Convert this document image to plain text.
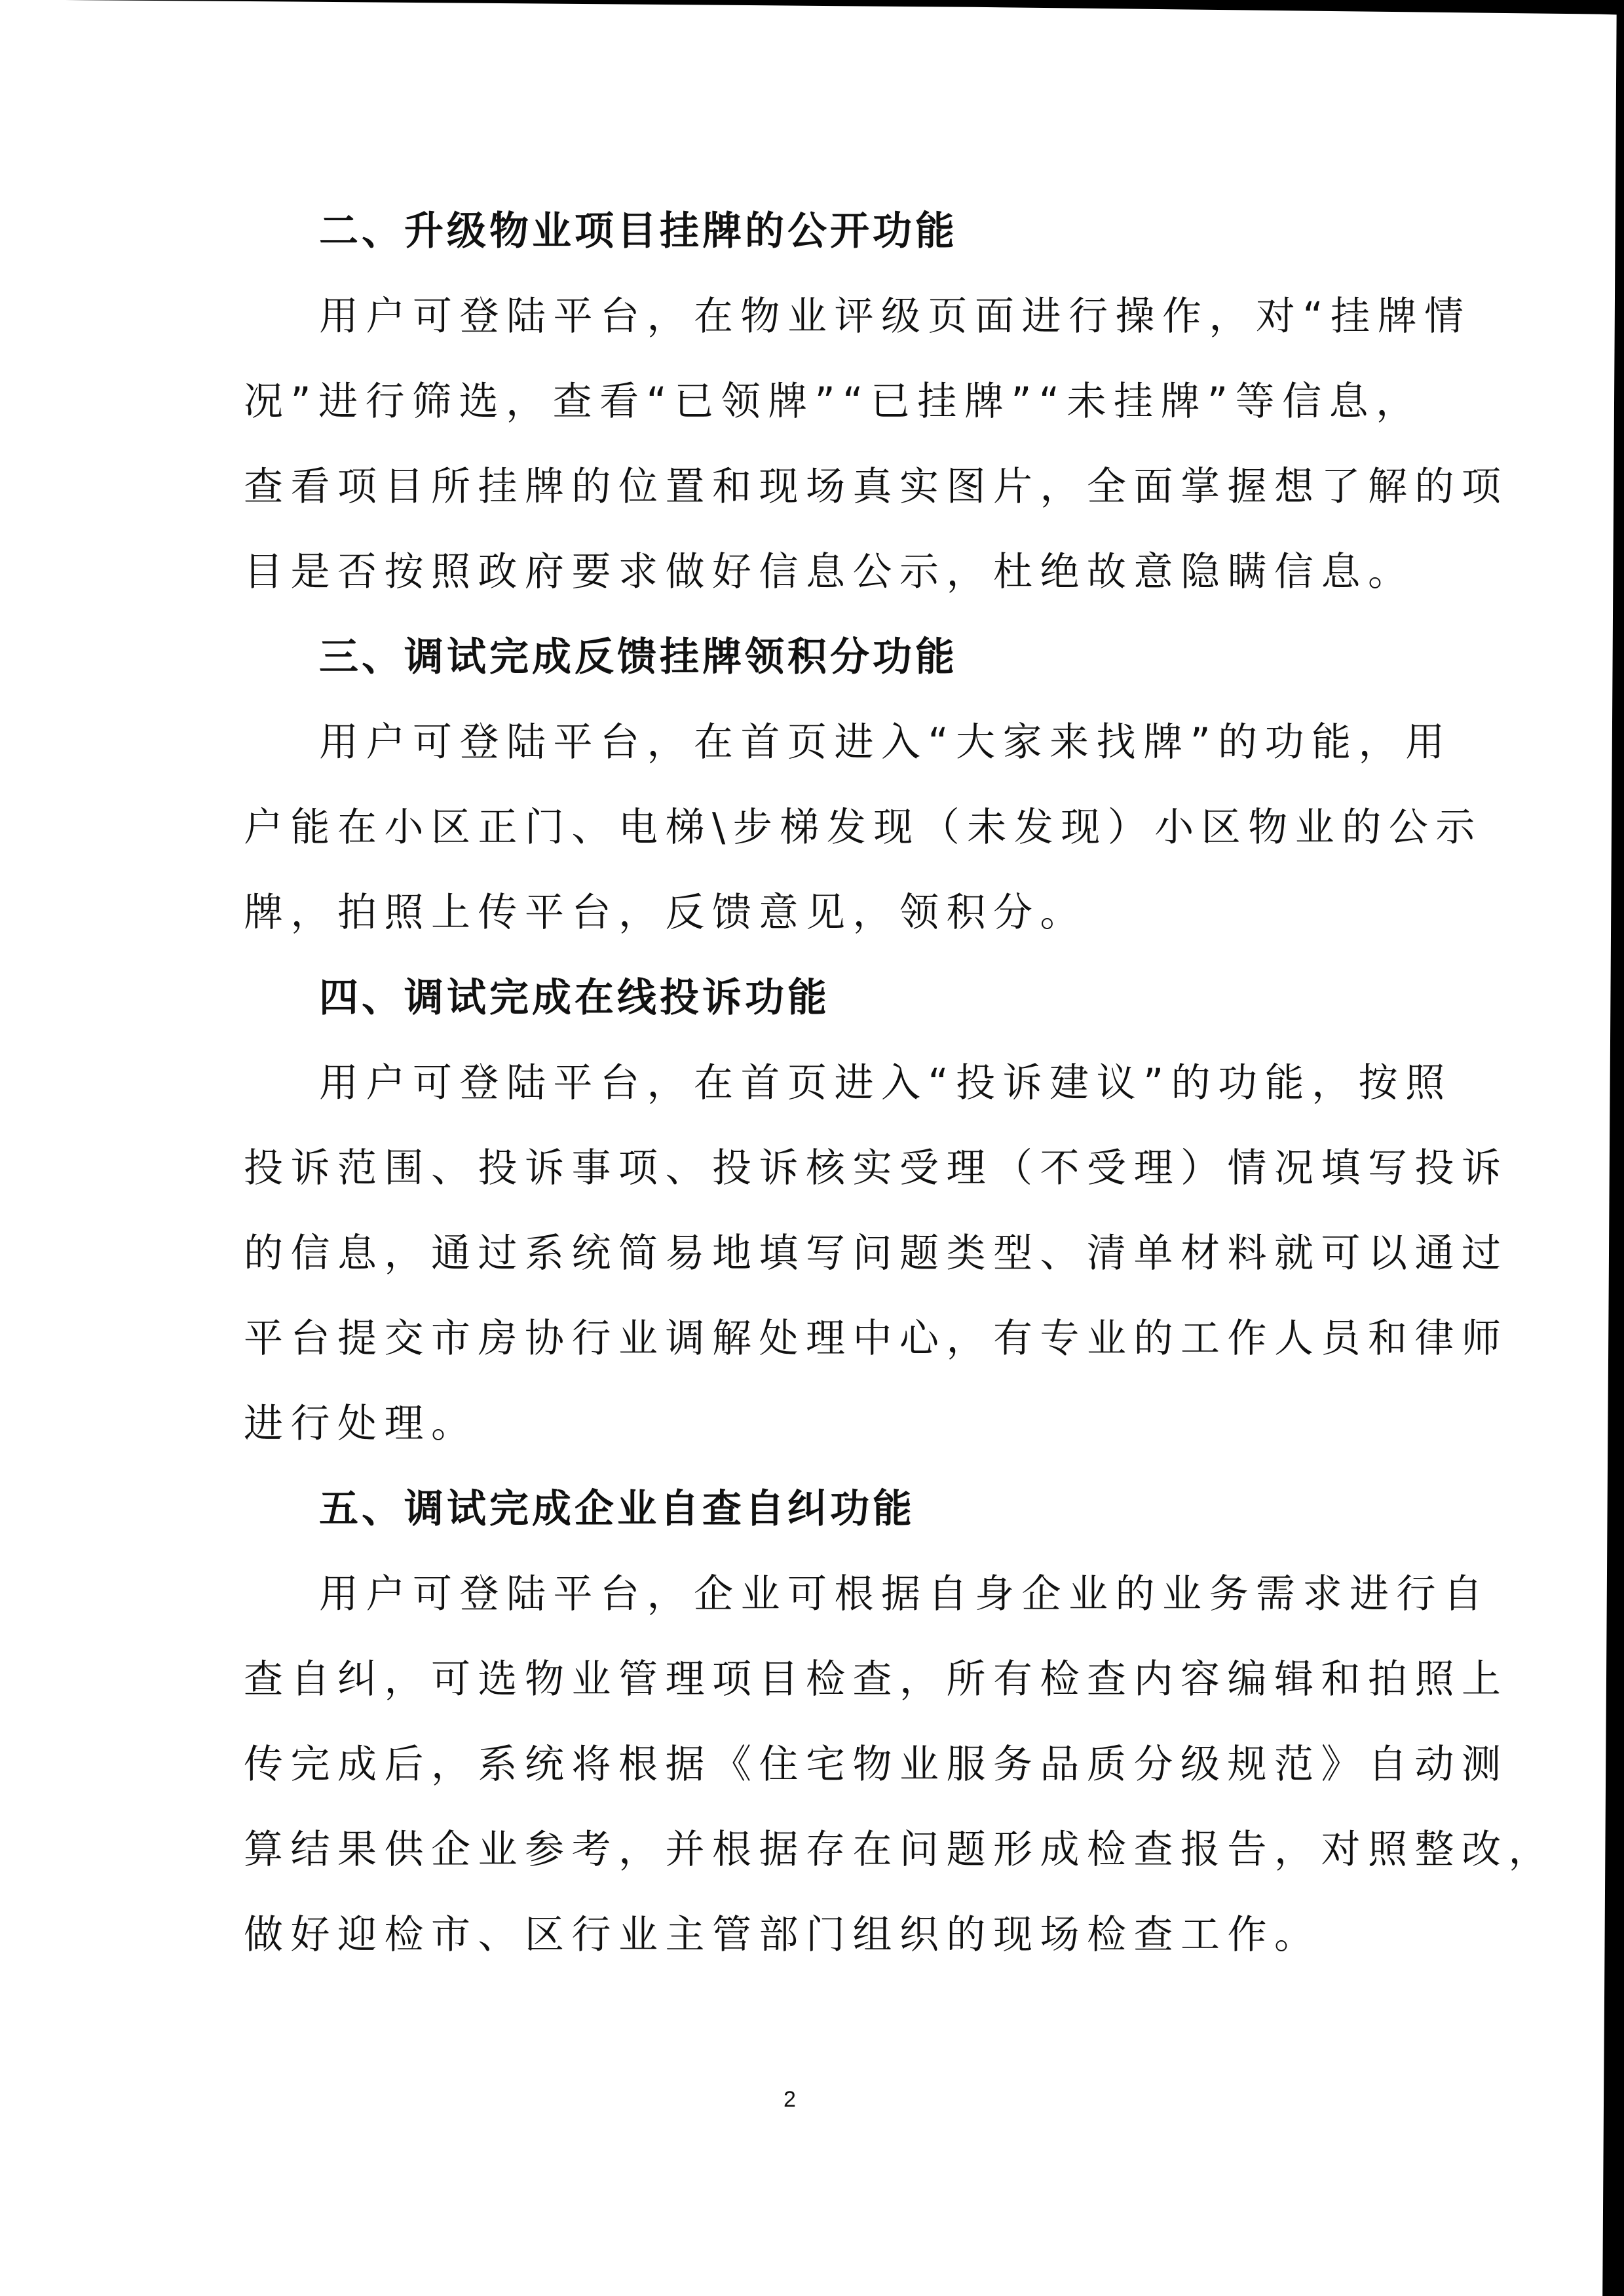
二、升级物业项目挂牌的公开功能
用户可登陆平台，在物业评级页面进行操作，对“挂牌情
况”进行筛选，查看“已领牌”“已挂牌”“未挂牌”等信息，
查看项目所挂牌的位置和现场真实图片，全面掌握想了解的项
目是否按照政府要求做好信息公示，杜绝故意隐瞒信息。
三、调试完成反馈挂牌领积分功能
用户可登陆平台，在首页进入“大家来找牌”的功能，用
户能在小区正门、电梯\步梯发现（未发现）小区物业的公示
牌，拍照上传平台，反馈意见，领积分。
四、调试完成在线投诉功能
用户可登陆平台，在首页进入“投诉建议”的功能，按照
投诉范围、投诉事项、投诉核实受理（不受理）情况填写投诉
的信息，通过系统简易地填写问题类型、清单材料就可以通过
平台提交市房协行业调解处理中心，有专业的工作人员和律师
进行处理。
五、调试完成企业自查自纠功能
用户可登陆平台，企业可根据自身企业的业务需求进行自
查自纠，可选物业管理项目检查，所有检查内容编辑和拍照上
传完成后，系统将根据《住宅物业服务品质分级规范》自动测
算结果供企业参考，并根据存在问题形成检查报告，对照整改，
做好迎检市、区行业主管部门组织的现场检查工作。
2
